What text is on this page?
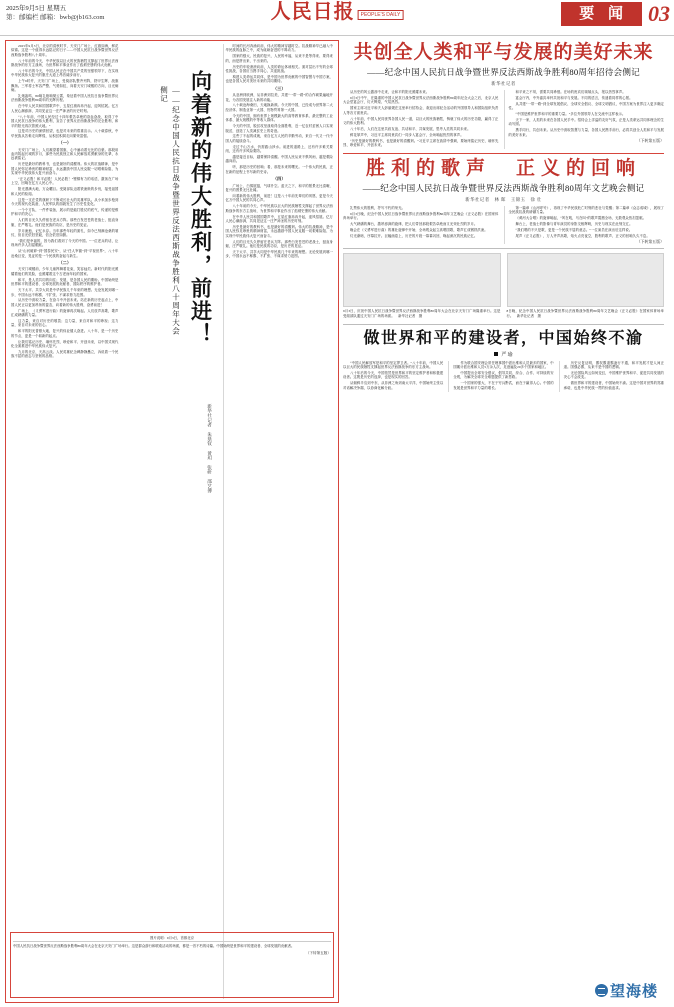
2025年9月5日 星期五
第：邮编栏 邮箱：bwb@jb163.com	人民日报	PEOPLE'S DAILY	要 闻 03

2025年9月3日，北京的清秋时节，天安门广场上，红旗如海，鲜花似锦。这是一个值得永远铭记的日子——中国人民抗日战争暨世界反法西斯战争胜利八十周年。

八十年前的今天，中华民族以巨大的民族牺牲支撑起了世界反法西斯战争的东方主战场，为世界和平事业作出了彪炳史册的伟大贡献。

八十年后的今天，中国人民正在中国共产党的坚强领导下，在实现中华民族伟大复兴的康庄大道上昂首阔步前行。

上午9时许，天安门广场上，受阅部队整齐列阵，铁甲生辉，战旗飘扬。三军将士军容严整、气势如虹，向着天安门城楼的方向，目光炯炯。

礼炮轰鸣，80响礼炮响彻云霄，象征着中国人民抗日战争暨世界反法西斯战争胜利80周年的光辉历程。

在中华人民共和国国歌声中，五星红旗冉冉升起，迎风招展。亿万人民心潮澎湃，共同见证这一庄严神圣的历史时刻。

“八十年前，中国人民经过十四年艰苦卓绝的浴血奋战，取得了中国人民抗日战争的伟大胜利，宣告了世界反法西斯战争的完全胜利，和平的阳光再次普照大地。”

这是对历史的深情回望，也是对未来的郑重宣示。八十载春秋，中华民族从苦难走向辉煌，从积贫积弱走向繁荣富强。

（一）

天安门广场上，人们凝望着国旗，心中涌动着无比的自豪。那段用血肉筑起长城的岁月，那些为民族独立和人民解放英勇献身的先辈，永远被铭记。

历史是最好的教科书，也是最好的清醒剂。伟大的抗战精神，是中国人民弥足珍贵的精神财富，永远激励中国人民克服一切艰难险阻、为实现中华民族伟大复兴而奋斗。

“正义必胜！和平必胜！人民必胜！”铿锵有力的话语，激荡在广场上空，回响在亿万人民心中。

阳光洒满大地，万众瞩目。受阅部队迈着铁流般的步伐，接受祖国和人民的检阅。

这是一支在党的旗帜下不断成长壮大的英雄军队。从小米加步枪到今天的现代化装备，人民军队的面貌发生了历史性变化。

一个个方队，一件件装备，展示的是能打胜仗的底气，传递的是维护和平的决心。

人们的目光久久停留在老兵方阵。那些白发苍苍的老战士，挺直身躯，庄严敬礼。他们是民族的功臣，是历史的见证。

岁月流逝，记忆永存。当年那些年轻的面孔，如今已刻满沧桑的皱纹，但目光依旧坚毅，信念依旧如磐。

“我们是幸福的，因为我们看到了今天的中国。”一位老兵的话，让现场许多人泪湿眼眶。

从“山河破碎”到“国泰民安”，从“任人宰割”到“平视世界”，八十年沧桑巨变，见证的是一个民族的奋起与新生。

（二）

天安门城楼前，少年儿童挥舞着花束，笑容灿烂。新时代的阳光照耀着他们的笑脸，也照耀着这个古老而年轻的国家。

和平，是人类共同的向往；发展，是各国人民的期盼。中国始终是世界和平的建设者、全球发展的贡献者、国际秩序的维护者。

天下太平、共享大同是中华民族几千年来的理想。无论发展到哪一步，中国永远不称霸、不扩张、不谋求势力范围。

从历史中汲取力量，在奋斗中开创未来。站在新的历史起点上，中国人民正以更加昂扬的姿态，向着新的伟大胜利，奋勇前进！

广场上，《义勇军进行曲》的旋律再次响起。人们放声高歌，歌声汇成磅礴的力量。

这力量，来自对历史的敬畏；这力量，来自对和平的珍视；这力量，来自对未来的信心。

和平的阳光普照大地，复兴的伟业催人奋进。八十年，是一个历史的节点，更是一个崭新的起点。

让我们铭记历史、缅怀先烈、珍爱和平、开创未来，以中国式现代化全面推进中华民族伟大复兴。

九月的北京，天高云淡。人民英雄纪念碑静静矗立，诉说着一个民族不屈的意志与坚韧的品格。

向着新的伟大胜利，前进！
——纪念中国人民抗日战争暨世界反法西斯战争胜利八十周年大会侧记
新华社记者 朱基钗 黄玥 张研 邵艺博

时间的长河奔涌向前，伟大的精神穿越时空。抗战精神早已融入中华民族的血脉之中，成为砥砺奋进的不竭动力。

国家的强大、民族的复兴、人民的幸福，从来不是等得来、要得来的，而是拼出来、干出来的。

历史的车轮滚滚向前，人类的命运休戚相关。面对层出不穷的全球性挑战，各国应当携手同心、共迎挑战。

构建人类命运共同体，是中国为世界贡献的中国智慧与中国方案，也是各国人民对美好未来的共同期待。

（三）

从亚洲到欧洲，从非洲到拉美，共建“一带一路”的合作硕果遍地开花，为各国发展注入新的动能。

八十载沧海桑田，天地换新颜。今天的中国，已经成为世界第二大经济体、制造业第一大国、货物贸易第一大国。

今天的中国，拥有世界上规模最大的高等教育体系、最完整的工业体系、最大规模的中等收入群体。

今天的中国，脱贫攻坚战取得全面胜利，近一亿农村贫困人口实现脱贫，创造了人类减贫史上的奇迹。

这些了不起的成就，来自亿万人民的辛勤劳动，来自一代又一代中国人的接续奋斗。

走过千山万水，仍需跋山涉水。前进的道路上，还有许多难关要闯，还有许多风险要防。

越是接近目标，越要保持清醒。中国人民从来不惧风雨，越是艰险越向前。

听，那是历史的回响；看，那是未来的曙光。一个伟大的民族，正在新的征程上书写新的史诗。

（四）

广场上，白鸽展翅，气球升空。蓝天之下，和平的愿景无比清晰，复兴的图景无比壮阔。

向着新的伟大胜利，前进！这是八十年前先辈们的夙愿，更是今天亿万中国人民的共同心声。

八十年前的今天，中华民族以巨大的民族牺牲支撑起了世界反法西斯战争的东方主战场，为世界和平事业作出了彪炳史册的伟大贡献。

在中华人民共和国国歌声中，五星红旗冉冉升起，迎风招展。亿万人民心潮澎湃，共同见证这一庄严神圣的历史时刻。

历史是最好的教科书，也是最好的清醒剂。伟大的抗战精神，是中国人民弥足珍贵的精神财富，永远激励中国人民克服一切艰难险阻、为实现中华民族伟大复兴而奋斗。

人们的目光久久停留在老兵方阵。那些白发苍苍的老战士，挺直身躯，庄严敬礼。他们是民族的功臣，是历史的见证。

天下太平、共享大同是中华民族几千年来的理想。无论发展到哪一步，中国永远不称霸、不扩张、不谋求势力范围。

图片说明：9月3日，首都北京
中国人民抗日战争暨世界反法西斯战争胜利80周年大会在北京天安门广场举行。这是群众游行和联欢活动的场面，都是一首不朽的诗篇。中国始终是世界和平的建设者、全球发展的贡献者。
（下转第五版）
共创全人类和平与发展的美好未来
——纪念中国人民抗日战争暨世界反法西斯战争胜利80周年招待会侧记
新华社记者

从历史的风云激荡中走来，让和平的阳光照耀未来。

9月3日中午，在隆重的中国人民抗日战争暨世界反法西斯战争胜利80周年纪念大会之后，北京人民大会堂宴会厅，灯火辉煌、气氛热烈。

国家主席习近平和夫人彭丽媛在这里举行招待会，欢迎出席纪念活动的外国领导人和国际组织负责人等各方面贵宾。

八十年前，中国人民同世界各国人民一道，以巨大的民族牺牲，铸就了伟大的历史功勋，赢得了正义的伟大胜利。

八十年后，人们在这里共叙友谊、共话和平、共谋发展，思考人类的共同未来。

鲜花掌声中，习近平主席同贵宾们一同步入宴会厅，全场响起热烈的掌声。

“历史是最好的教科书，也是最好的清醒剂。”习近平主席在致辞中强调，要始终铭记历史、缅怀先烈、珍爱和平、开创未来。

和平来之不易，需要共同珍惜。在场的贵宾们频频点头，报以热烈掌声。

宴会厅内，中外嘉宾举杯共祝和平与发展。不同的语言，传递着同样的心愿。

从共建“一带一路”到全球发展倡议、全球安全倡议、全球文明倡议，中国方案为世界注入更多确定性。

“中国是维护世界和平的重要力量。”多位外国领导人在交流中这样表示。

天下一家，人类的未来在各国人民手中。招待会上洋溢的友好气氛，正是人类命运共同体理念的生动写照。

携手同行，共创未来。从历史中汲取智慧与力量，各国人民携手前行，必将共创全人类和平与发展的美好未来。

（下转第五版）
胜利的歌声　正义的回响
——纪念中国人民抗日战争暨世界反法西斯战争胜利80周年文艺晚会侧记
新华社记者　林 晖　王锦玉　徐 壮

礼赞伟大的胜利，抒写不朽的荣光。

9月3日晚，纪念中国人民抗日战争暨世界反法西斯战争胜利80周年文艺晚会《正义必胜》在国家体育场举行。

大气磅礴的舞台，激昂澎湃的旋律，把人们带回那段艰苦卓绝而又光荣壮烈的岁月。

晚会在《义勇军进行曲》的雄壮旋律中开始，全场观众起立高唱国歌，歌声汇成钢铁洪流。

灯光渐暗，序幕拉开。巨幅画卷上，历史的片段一幕幕闪回，唤起深沉的民族记忆。

第一篇章《山河呼号》，再现了中华民族危亡时刻的悲壮与觉醒；第二篇章《众志成城》，展现了全民族抗战的磅礴力量。

《黄河大合唱》的旋律响起，“风在吼，马在叫”的歌声震撼全场，无数观众热泪盈眶。

舞台上，老战士的影像与青年演员的身影交相辉映，历史与现实在此刻交汇。

“我们唱的不只是歌，更是一个民族不屈的意志。”一位演员在演出后这样说。

尾声《正义必胜》，万人齐声高歌，焰火点亮夜空，胜利的歌声、正义的回响久久不息。

（下转第五版）

9月3日，庆祝中国人民抗日战争暨世界反法西斯战争胜利80周年大会在北京天安门广场隆重举行。这是受阅部队通过天安门广场的场面。　新华社记者　摄

8日晚，纪念中国人民抗日战争暨世界反法西斯战争胜利80周年文艺晚会《正义必胜》在国家体育场举行。　新华社记者　摄

做世界和平的建设者，中国始终不渝
严 瑜

“中国人民解放军是和平的坚定捍卫者。”八十年前，中国人民以巨大的民族牺牲支撑起世界反法西斯战争的东方主战场。

八十年后的今天，中国依然是世界和平的坚定维护者和积极建设者。这既是历史的选择，也是现实的回答。

从朝鲜半岛到中东，从非洲之角到南太平洋，中国始终主张以对话解决争端、以协商化解分歧。

作为联合国安理会常任理事国中派出维和人员最多的国家，中国累计派出维和人员5万余人次，足迹遍及20多个国家和地区。

中国提出全球安全倡议，倡导共同、综合、合作、可持续的安全观，为解决全球安全难题提供了新思路。

一个国家的强大，不在于穷兵黔武，而在于赢得人心。中国的发展是世界和平力量的增长。

历史反复证明，霸权霸道霸凌行不通，和平发展才是人间正道。国强必霸，从来不是中国的逻辑。

无论国际风云如何变幻，中国维护世界和平、促进共同发展的决心不会改变。

做世界和平的建设者，中国始终不渝。这是中国对世界的郑重承诺，也是中华民族一贯的价值追求。

望海楼
